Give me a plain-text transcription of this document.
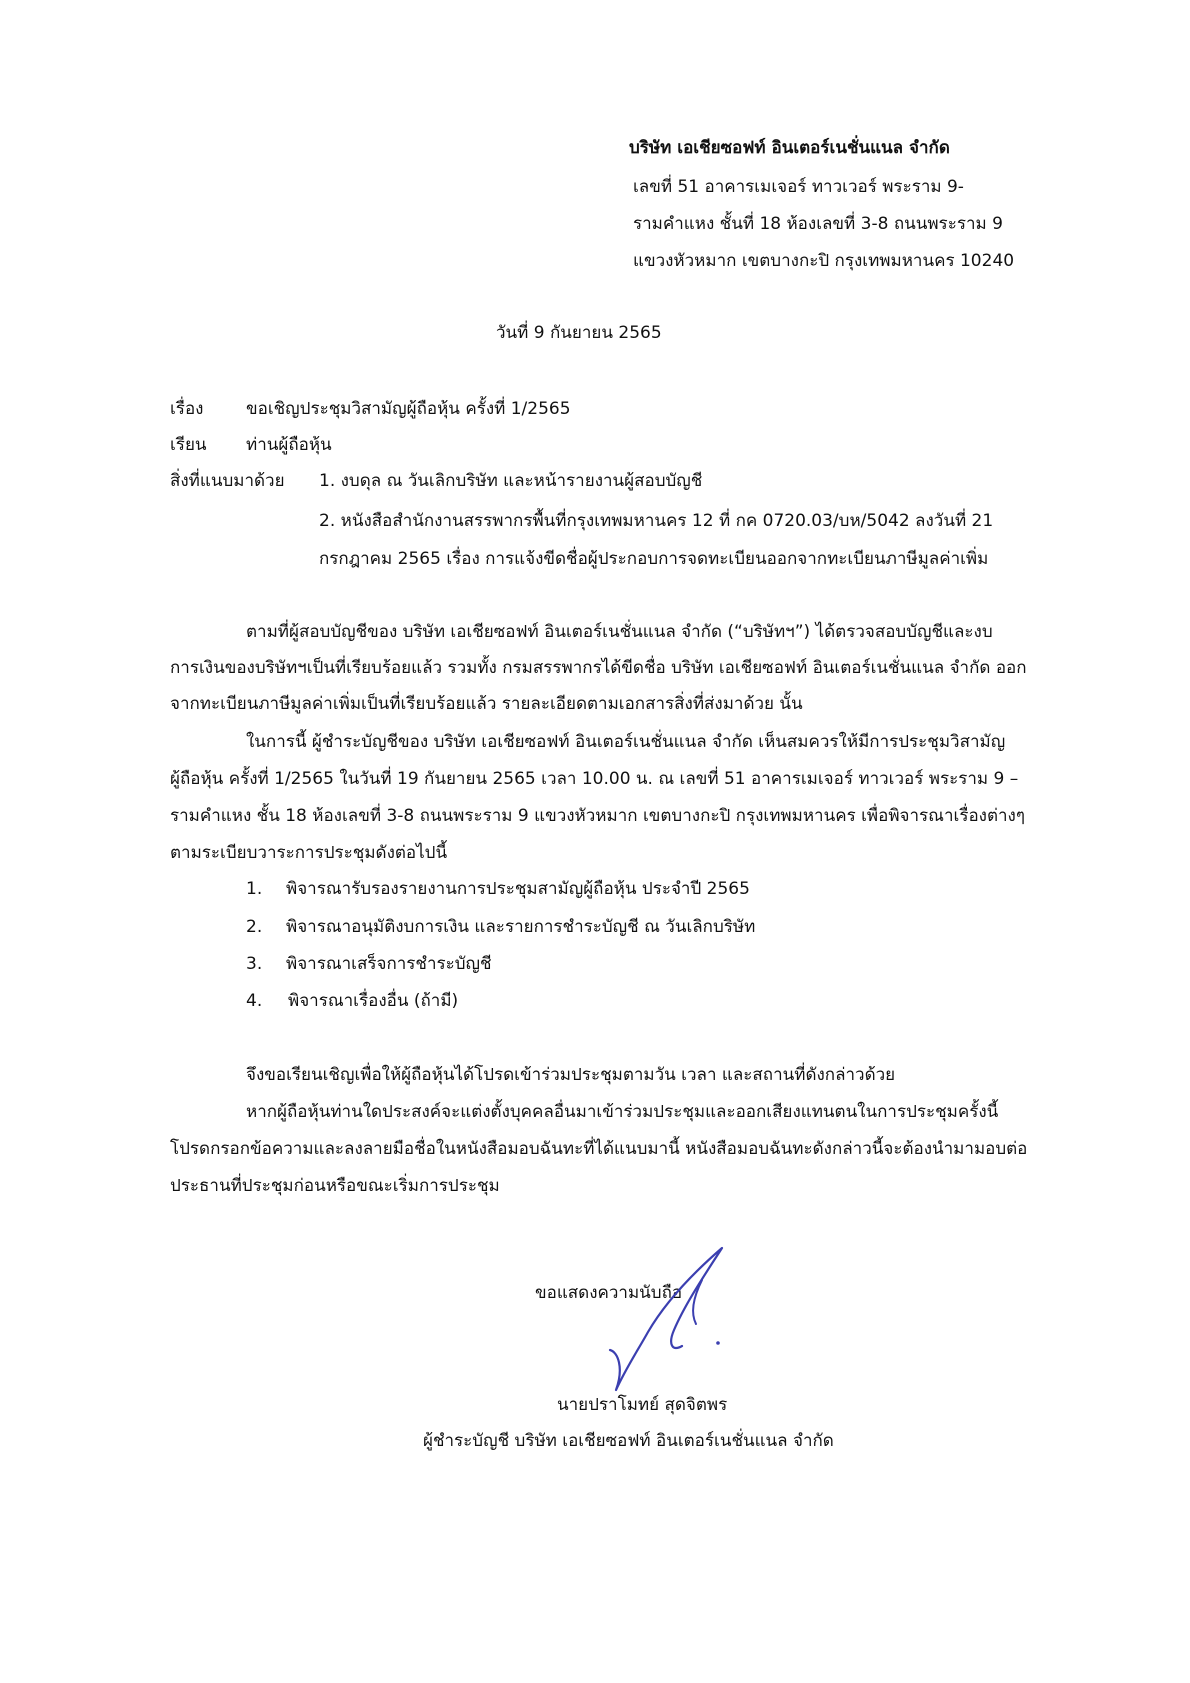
บริษัท เอเชียซอฟท์ อินเตอร์เนชั่นแนล จำกัด
เลขที่ 51 อาคารเมเจอร์ ทาวเวอร์ พระราม 9-
รามคำแหง ชั้นที่ 18 ห้องเลขที่ 3-8 ถนนพระราม 9
แขวงหัวหมาก เขตบางกะปิ กรุงเทพมหานคร 10240
วันที่ 9 กันยายน 2565
เรื่อง	ขอเชิญประชุมวิสามัญผู้ถือหุ้น ครั้งที่ 1/2565
เรียน ท่านผู้ถือหุ้น
สิ่งที่แนบมาด้วย 1. งบดุล ณ วันเลิกบริษัท และหน้ารายงานผู้สอบบัญชี
2. หนังสือสำนักงานสรรพากรพื้นที่กรุงเทพมหานคร 12 ที่ กค 0720.03/บห/5042 ลงวันที่ 21
กรกฎาคม 2565 เรื่อง การแจ้งขีดชื่อผู้ประกอบการจดทะเบียนออกจากทะเบียนภาษีมูลค่าเพิ่ม
ตามที่ผู้สอบบัญชีของ บริษัท เอเชียซอฟท์ อินเตอร์เนชั่นแนล จำกัด (“บริษัทฯ”) ได้ตรวจสอบบัญชีและงบ
การเงินของบริษัทฯเป็นที่เรียบร้อยแล้ว รวมทั้ง กรมสรรพากรได้ขีดชื่อ บริษัท เอเชียซอฟท์ อินเตอร์เนชั่นแนล จำกัด ออก
จากทะเบียนภาษีมูลค่าเพิ่มเป็นที่เรียบร้อยแล้ว รายละเอียดตามเอกสารสิ่งที่ส่งมาด้วย นั้น
ในการนี้ ผู้ชำระบัญชีของ บริษัท เอเชียซอฟท์ อินเตอร์เนชั่นแนล จำกัด เห็นสมควรให้มีการประชุมวิสามัญ
ผู้ถือหุ้น ครั้งที่ 1/2565 ในวันที่ 19 กันยายน 2565 เวลา 10.00 น. ณ เลขที่ 51 อาคารเมเจอร์ ทาวเวอร์ พระราม 9 –
รามคำแหง ชั้น 18 ห้องเลขที่ 3-8 ถนนพระราม 9 แขวงหัวหมาก เขตบางกะปิ กรุงเทพมหานคร เพื่อพิจารณาเรื่องต่างๆ
ตามระเบียบวาระการประชุมดังต่อไปนี้
1. พิจารณารับรองรายงานการประชุมสามัญผู้ถือหุ้น ประจำปี 2565
2. พิจารณาอนุมัติงบการเงิน และรายการชำระบัญชี ณ วันเลิกบริษัท
3. พิจารณาเสร็จการชำระบัญชี
4. พิจารณาเรื่องอื่น (ถ้ามี)
จึงขอเรียนเชิญเพื่อให้ผู้ถือหุ้นได้โปรดเข้าร่วมประชุมตามวัน เวลา และสถานที่ดังกล่าวด้วย
หากผู้ถือหุ้นท่านใดประสงค์จะแต่งตั้งบุคคลอื่นมาเข้าร่วมประชุมและออกเสียงแทนตนในการประชุมครั้งนี้
โปรดกรอกข้อความและลงลายมือชื่อในหนังสือมอบฉันทะที่ได้แนบมานี้ หนังสือมอบฉันทะดังกล่าวนี้จะต้องนำมามอบต่อ
ประธานที่ประชุมก่อนหรือขณะเริ่มการประชุม
ขอแสดงความนับถือ
นายปราโมทย์ สุดจิตพร
ผู้ชำระบัญชี บริษัท เอเชียซอฟท์ อินเตอร์เนชั่นแนล จำกัด
